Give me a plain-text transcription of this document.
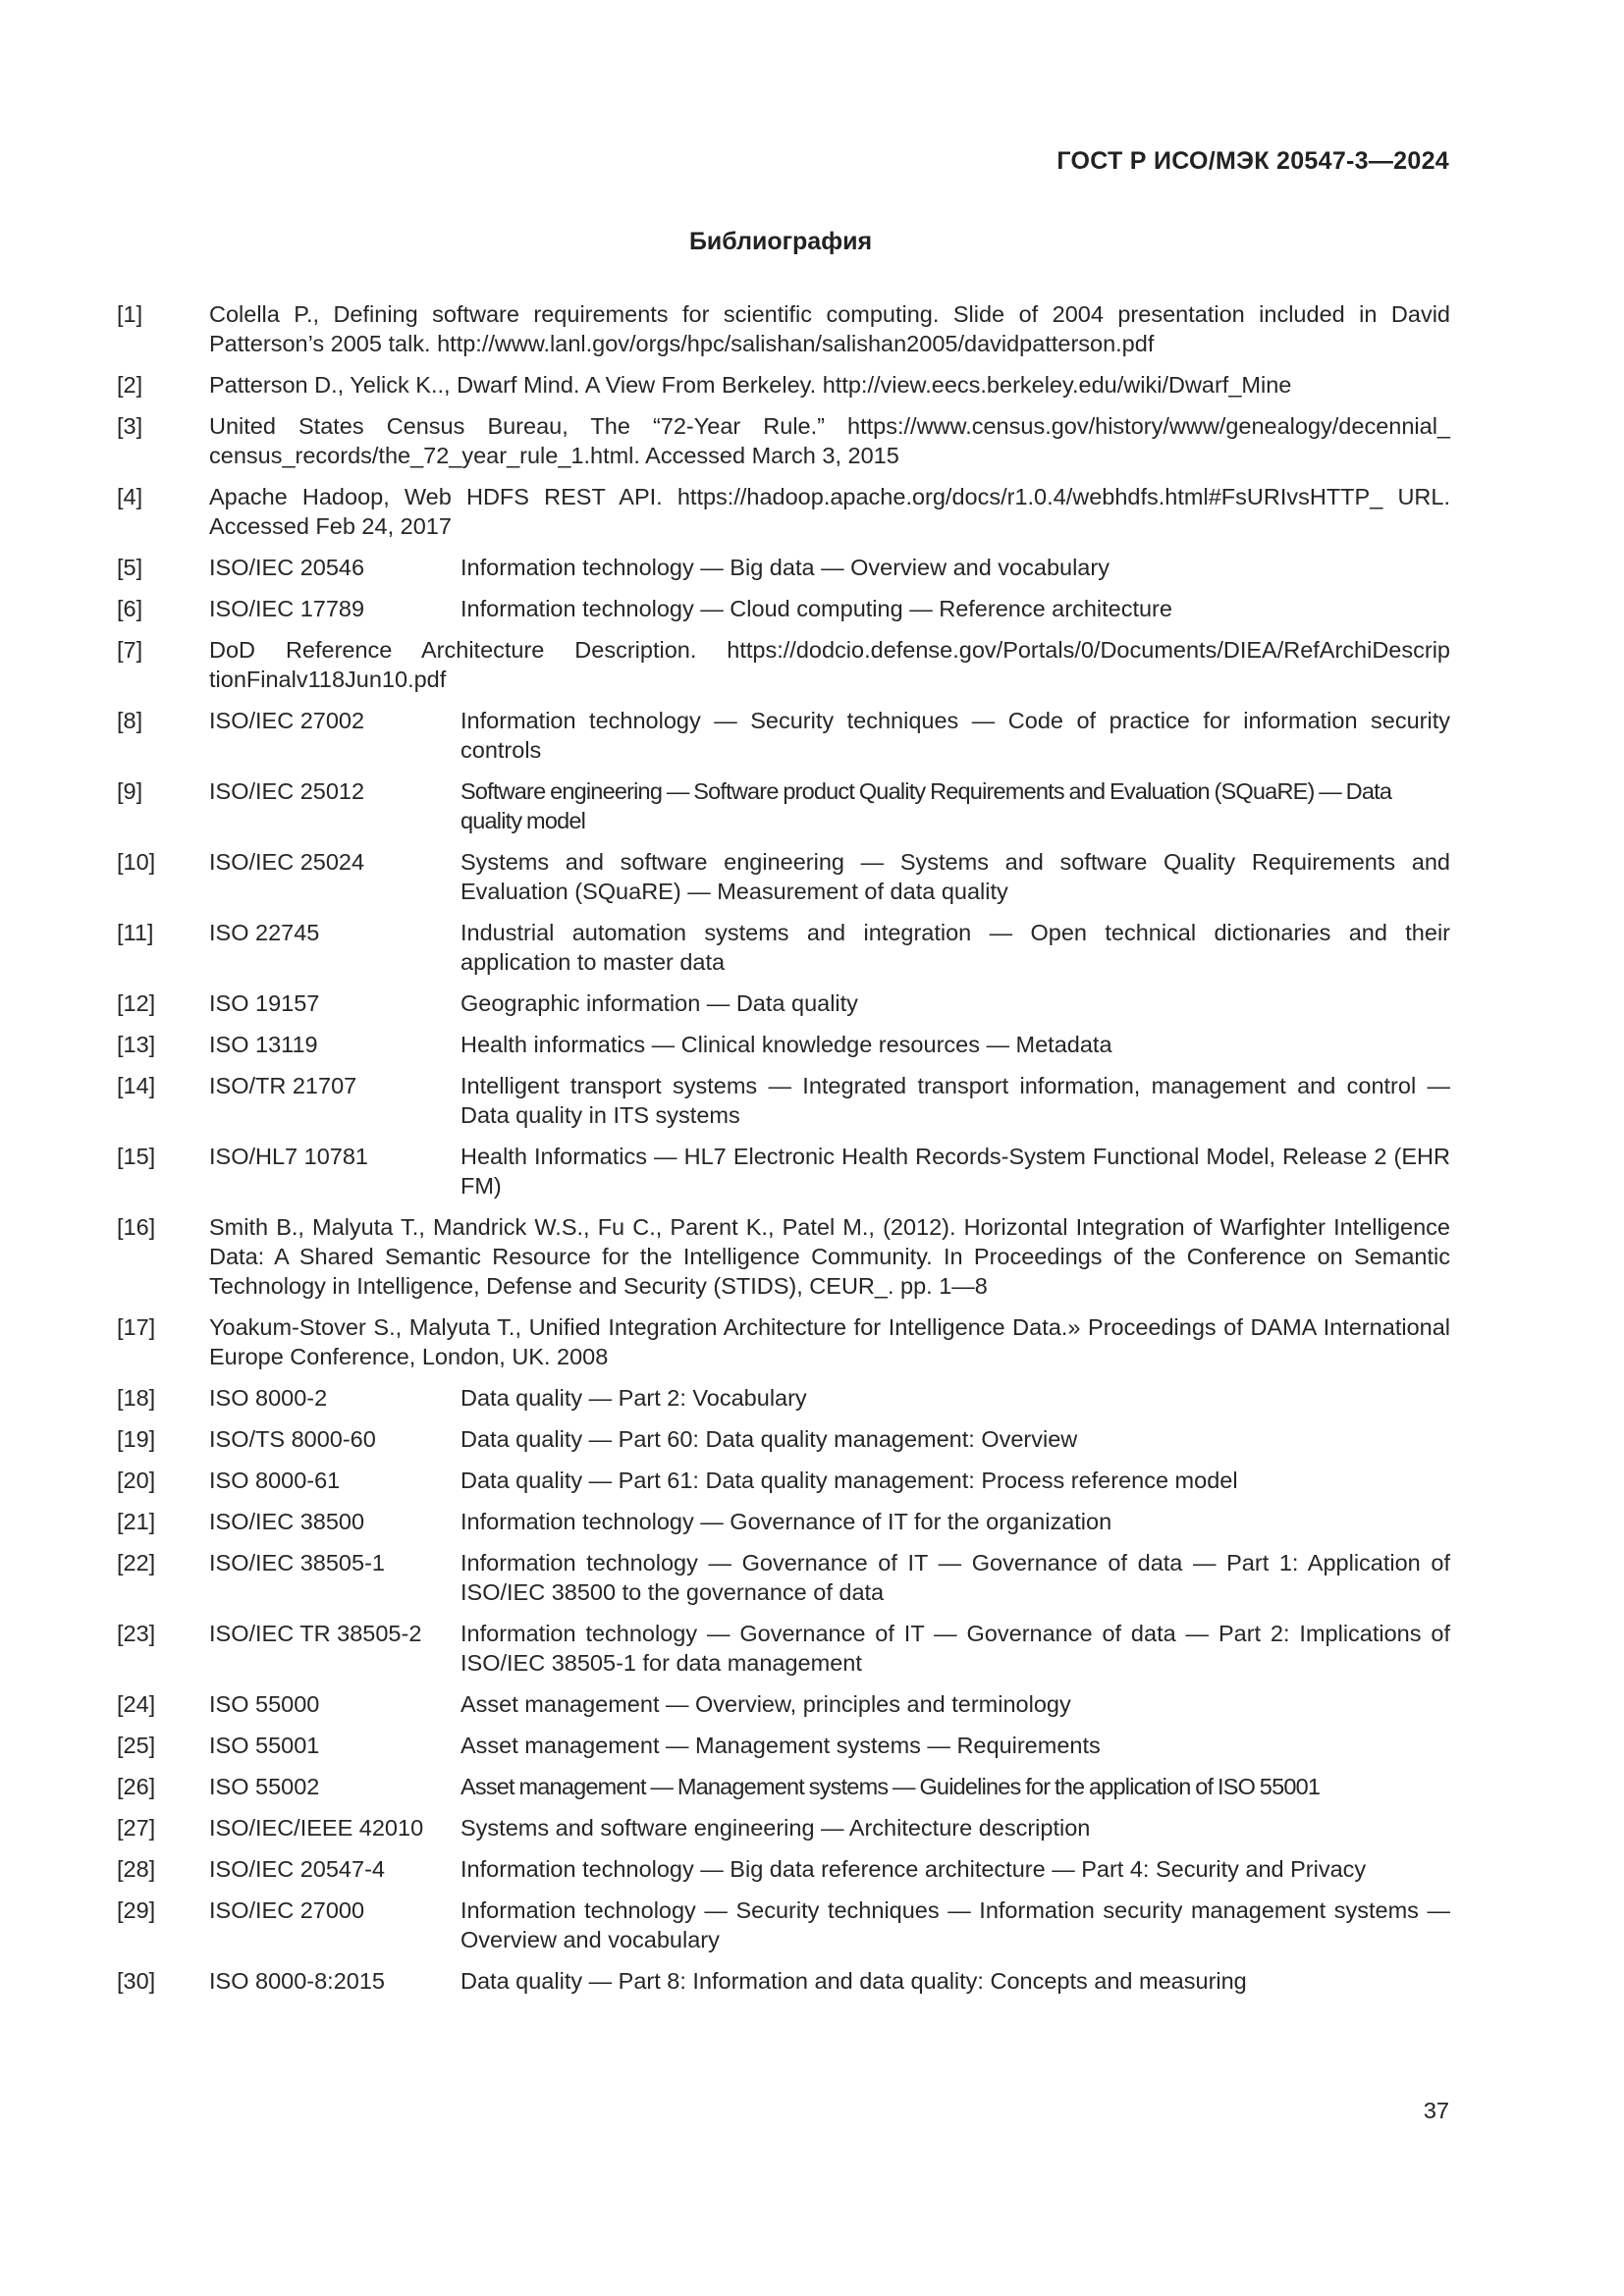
ГОСТ Р ИСО/МЭК 20547-3—2024
Библиография
[1]	Colella P., Defining software requirements for scientific computing. Slide of 2004 presentation included in David Patterson’s 2005 talk. http://www.lanl.gov/orgs/hpc/salishan/salishan2005/davidpatterson.pdf
[2]	Patterson D., Yelick K.., Dwarf Mind. A View From Berkeley. http://view.eecs.berkeley.edu/wiki/Dwarf_Mine
[3]	United States Census Bureau, The “72-Year Rule.” https://www.census.gov/history/www/genealogy/decennial_ census_records/the_72_year_rule_1.html. Accessed March 3, 2015
[4]	Apache Hadoop, Web HDFS REST API. https://hadoop.apache.org/docs/r1.0.4/webhdfs.html#FsURIvsHTTP_ URL. Accessed Feb 24, 2017
[5]	ISO/IEC 20546	Information technology — Big data — Overview and vocabulary
[6]	ISO/IEC 17789	Information technology — Cloud computing — Reference architecture
[7]	DoD Reference Architecture Description. https://dodcio.defense.gov/Portals/0/Documents/DIEA/RefArchiDescrip tionFinalv118Jun10.pdf
[8]	ISO/IEC 27002	Information technology — Security techniques — Code of practice for information security controls
[9]	ISO/IEC 25012	Software engineering — Software product Quality Requirements and Evaluation (SQuaRE) — Data quality model
[10]	ISO/IEC 25024	Systems and software engineering — Systems and software Quality Requirements and Evaluation (SQuaRE) — Measurement of data quality
[11]	ISO 22745	Industrial automation systems and integration — Open technical dictionaries and their application to master data
[12]	ISO 19157	Geographic information — Data quality
[13]	ISO 13119	Health informatics — Clinical knowledge resources — Metadata
[14]	ISO/TR 21707	Intelligent transport systems — Integrated transport information, management and control — Data quality in ITS systems
[15]	ISO/HL7 10781	Health Informatics — HL7 Electronic Health Records-System Functional Model, Release 2 (EHR FM)
[16]	Smith B., Malyuta T., Mandrick W.S., Fu C., Parent K., Patel M., (2012). Horizontal Integration of Warfighter Intelligence Data: A Shared Semantic Resource for the Intelligence Community. In Proceedings of the Conference on Semantic Technology in Intelligence, Defense and Security (STIDS), CEUR_. pp. 1—8
[17]	Yoakum-Stover S., Malyuta T., Unified Integration Architecture for Intelligence Data.» Proceedings of DAMA International Europe Conference, London, UK. 2008
[18]	ISO 8000-2	Data quality — Part 2: Vocabulary
[19]	ISO/TS 8000-60	Data quality — Part 60: Data quality management: Overview
[20]	ISO 8000-61	Data quality — Part 61: Data quality management: Process reference model
[21]	ISO/IEC 38500	Information technology — Governance of IT for the organization
[22]	ISO/IEC 38505-1	Information technology — Governance of IT — Governance of data — Part 1: Application of ISO/IEC 38500 to the governance of data
[23]	ISO/IEC TR 38505-2 Information technology — Governance of IT — Governance of data — Part 2: Implications of ISO/IEC 38505-1 for data management
[24]	ISO 55000	Asset management — Overview, principles and terminology
[25]	ISO 55001	Asset management — Management systems — Requirements
[26]	ISO 55002	Asset management — Management systems — Guidelines for the application of ISO 55001
[27]	ISO/IEC/IEEE 42010 Systems and software engineering — Architecture description
[28]	ISO/IEC 20547-4	Information technology — Big data reference architecture — Part 4: Security and Privacy
[29]	ISO/IEC 27000	Information technology — Security techniques — Information security management systems — Overview and vocabulary
[30]	ISO 8000-8:2015	Data quality — Part 8: Information and data quality: Concepts and measuring
37
